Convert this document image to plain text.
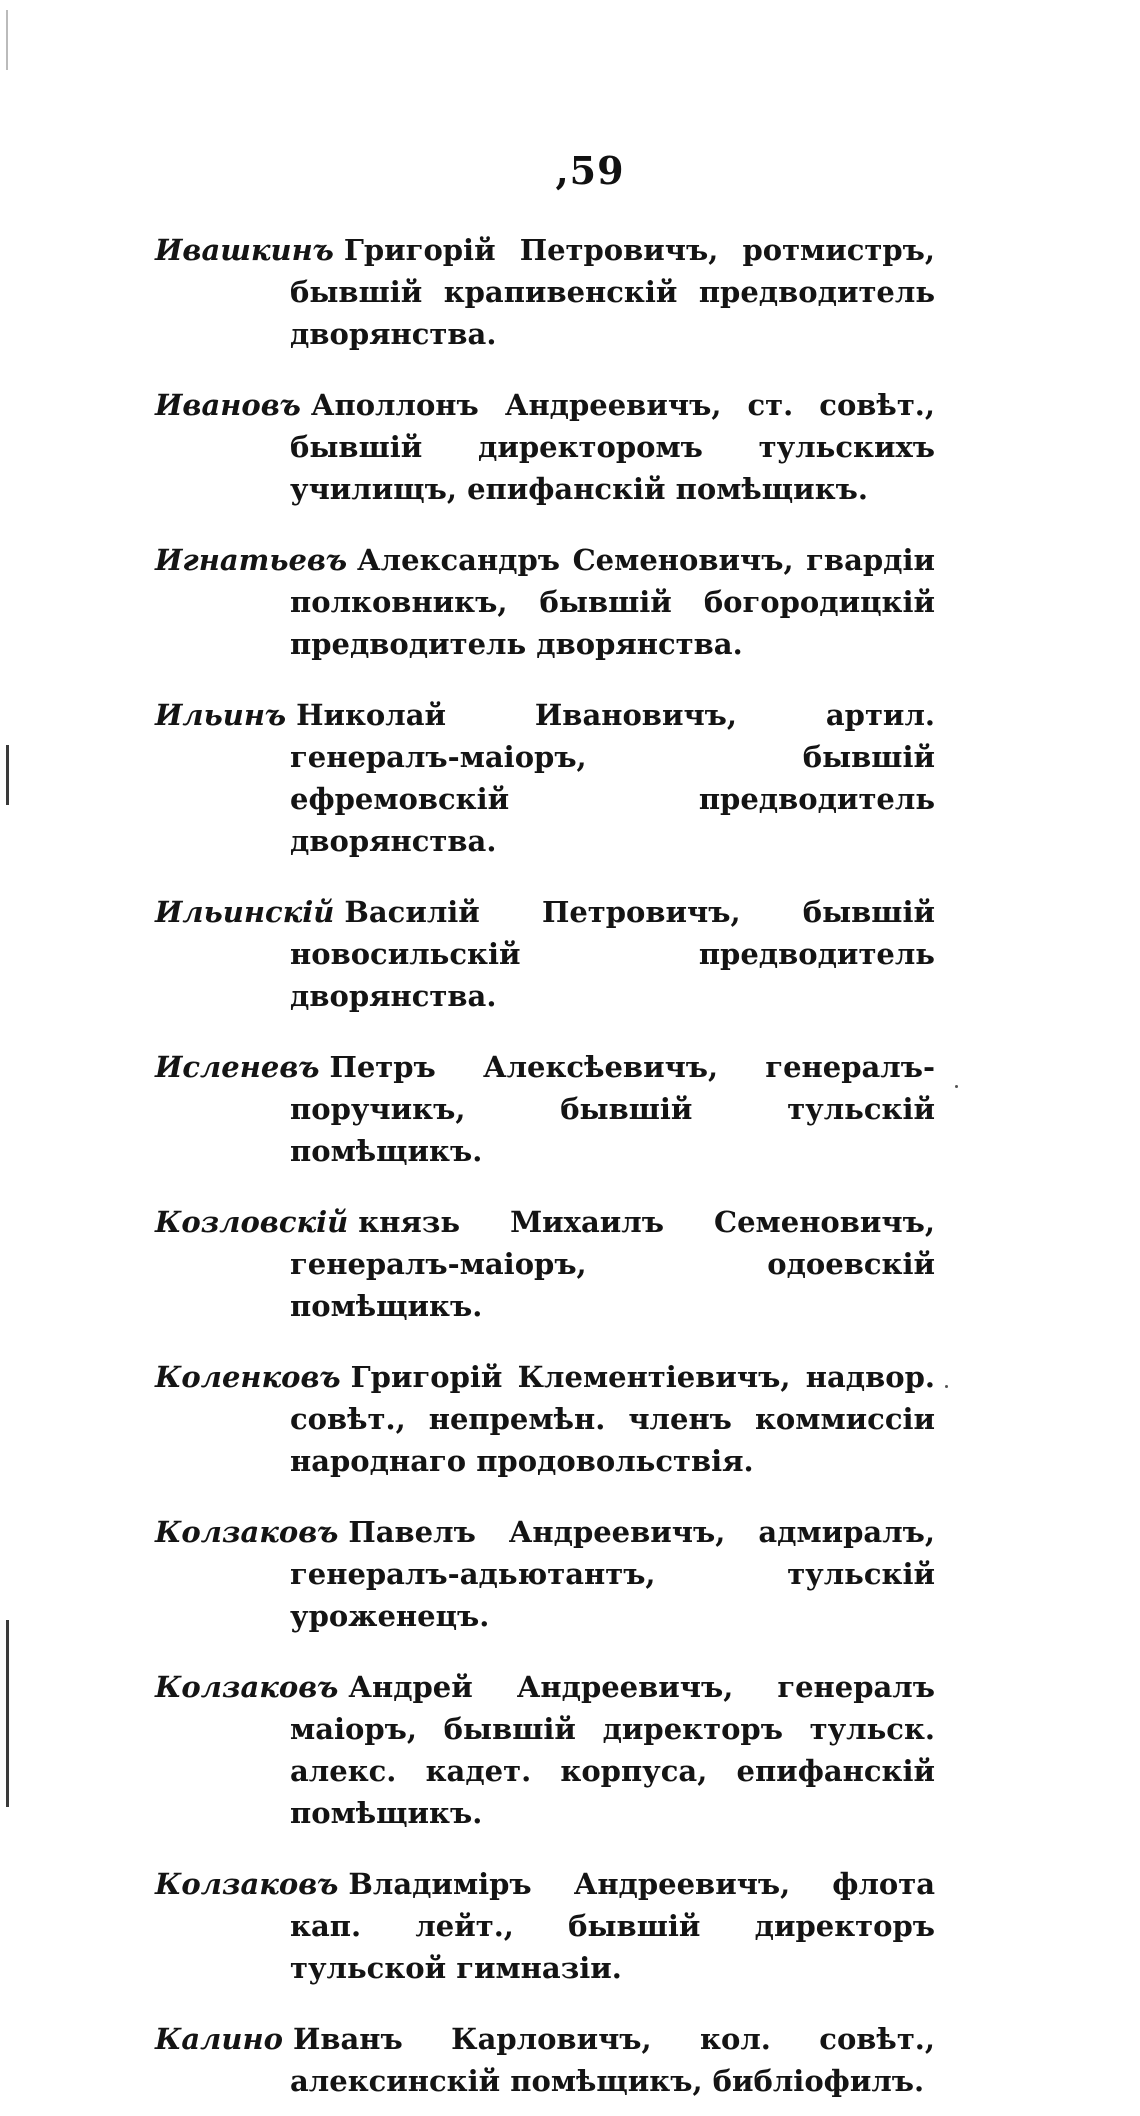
,59

Ивашкинъ Григорій Петровичъ, ротмистръ, бывшій крапивенскій предводитель дворянства.

Ивановъ Аполлонъ Андреевичъ, ст. совѣт., бывшій директоромъ тульскихъ училищъ, епифанскій помѣщикъ.

Игнатьевъ Александръ Семеновичъ, гвардіи полковникъ, бывшій богородицкій предводитель дворянства.

Ильинъ Николай Ивановичъ, артил. генералъ-маіоръ, бывшій ефремовскій предводитель дворянства.

Ильинскій Василій Петровичъ, бывшій новосильскій предводитель дворянства.

Исленевъ Петръ Алексѣевичъ, генералъ-поручикъ, бывшій тульскій помѣщикъ.

Козловскій князь Михаилъ Семеновичъ, генералъ-маіоръ, одоевскій помѣщикъ.

Коленковъ Григорій Клементіевичъ, надвор. совѣт., непремѣн. членъ коммиссіи народнаго продовольствія.

Колзаковъ Павелъ Андреевичъ, адмиралъ, генералъ-адьютантъ, тульскій уроженецъ.

Колзаковъ Андрей Андреевичъ, генералъ маіоръ, бывшій директоръ тульск. алекс. кадет. корпуса, епифанскій помѣщикъ.

Колзаковъ Владиміръ Андреевичъ, флота кап. лейт., бывшій директоръ тульской гимназіи.

Калино Иванъ Карловичъ, кол. совѣт., алексинскій помѣщикъ, библіофилъ.
